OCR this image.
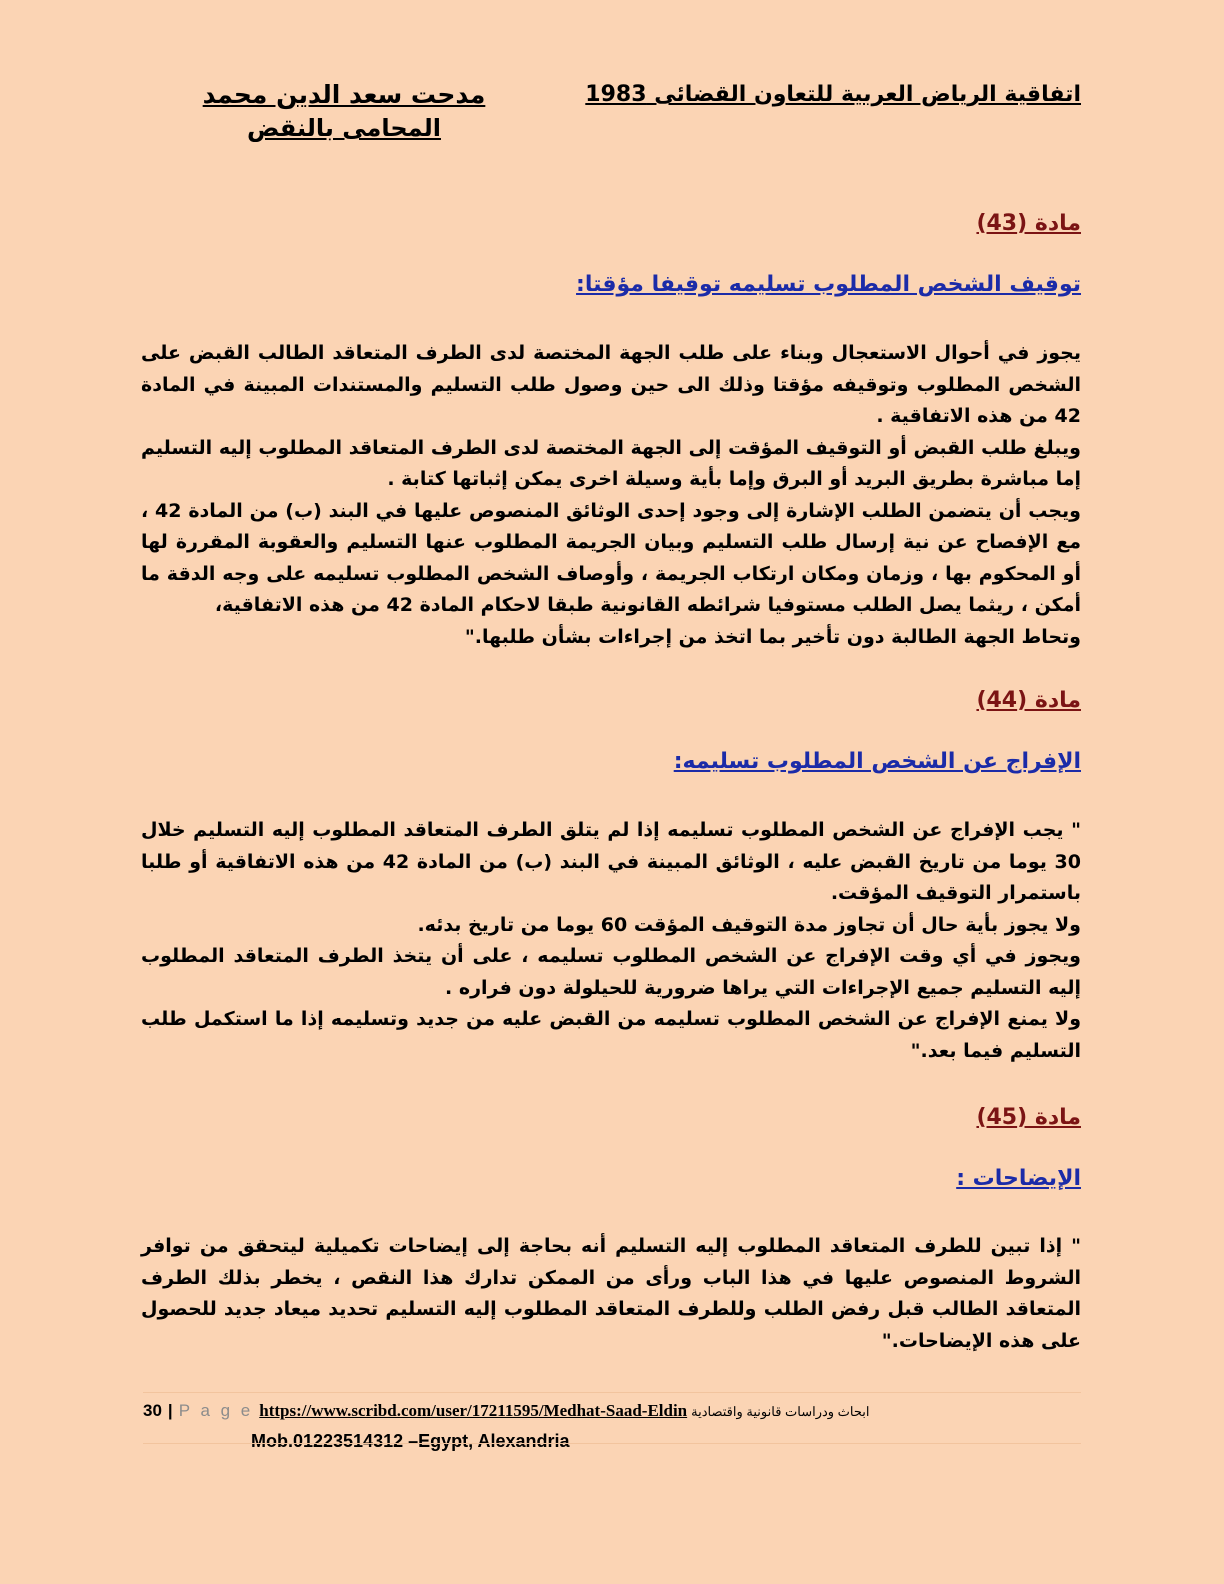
اتفاقية الرياض العربية للتعاون القضائى 1983
مدحت سعد الدين محمد
المحامى بالنقض
مادة (43)
توقيف الشخص المطلوب تسليمه توقيفا مؤقتا:

يجوز في أحوال الاستعجال وبناء على طلب الجهة المختصة لدى الطرف المتعاقد الطالب القبض على الشخص المطلوب وتوقيفه مؤقتا وذلك الى حين وصول طلب التسليم والمستندات المبينة في المادة 42 من هذه الاتفاقية .

ويبلغ طلب القبض أو التوقيف المؤقت إلى الجهة المختصة لدى الطرف المتعاقد المطلوب إليه التسليم إما مباشرة بطريق البريد أو البرق وإما بأية وسيلة اخرى يمكن إثباتها كتابة .

ويجب أن يتضمن الطلب الإشارة إلى وجود إحدى الوثائق المنصوص عليها في البند (ب) من المادة 42 ، مع الإفصاح عن نية إرسال طلب التسليم وبيان الجريمة المطلوب عنها التسليم والعقوبة المقررة لها أو المحكوم بها ، وزمان ومكان ارتكاب الجريمة ، وأوصاف الشخص المطلوب تسليمه على وجه الدقة ما أمكن ، ريثما يصل الطلب مستوفيا شرائطه القانونية طبقا لاحكام المادة 42 من هذه الاتفاقية،

وتحاط الجهة الطالبة دون تأخير بما اتخذ من إجراءات بشأن طلبها."

مادة (44)
الإفراج عن الشخص المطلوب تسليمه:

" يجب الإفراج عن الشخص المطلوب تسليمه إذا لم يتلق الطرف المتعاقد المطلوب إليه التسليم خلال 30 يوما من تاريخ القبض عليه ، الوثائق المبينة في البند (ب) من المادة 42 من هذه الاتفاقية أو طلبا باستمرار التوقيف المؤقت.

ولا يجوز بأية حال أن تجاوز مدة التوقيف المؤقت 60 يوما من تاريخ بدئه.

ويجوز في أي وقت الإفراج عن الشخص المطلوب تسليمه ، على أن يتخذ الطرف المتعاقد المطلوب إليه التسليم جميع الإجراءات التي يراها ضرورية للحيلولة دون فراره .

ولا يمنع الإفراج عن الشخص المطلوب تسليمه من القبض عليه من جديد وتسليمه إذا ما استكمل طلب التسليم فيما بعد."

مادة (45)
الإيضاحات :

" إذا تبين للطرف المتعاقد المطلوب إليه التسليم أنه بحاجة إلى إيضاحات تكميلية ليتحقق من توافر الشروط المنصوص عليها في هذا الباب ورأى من الممكن تدارك هذا النقص ، يخطر بذلك الطرف المتعاقد الطالب قبل رفض الطلب وللطرف المتعاقد المطلوب إليه التسليم تحديد ميعاد جديد للحصول على هذه الإيضاحات."

30 | P a g e https://www.scribd.com/user/17211595/Medhat-Saad-Eldin ابحاث ودراسات قانونية واقتصادية
Mob.01223514312 –Egypt, Alexandria
